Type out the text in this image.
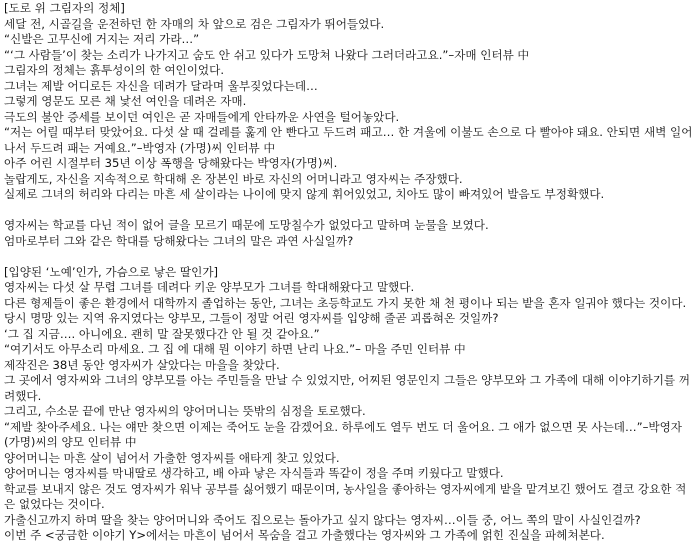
[도로 위 그림자의 정체]
세달 전, 시골길을 운전하던 한 자매의 차 앞으로 검은 그림자가 뛰어들었다.
“신발은 고무신에 거지는 저리 가라…”
“‘그 사람들’이 찾는 소리가 나가지고 숨도 안 쉬고 있다가 도망쳐 나왔다 그러더라고요.”–자매 인터뷰 中
그림자의 정체는 흙투성이의 한 여인이었다.
그녀는 제발 어디로든 자신을 데려가 달라며 울부짖었다는데…
그렇게 영문도 모른 채 낯선 여인을 데려온 자매.
극도의 불안 증세를 보이던 여인은 곧 자매들에게 안타까운 사연을 털어놓았다.
“저는 어릴 때부터 맞았어요. 다섯 살 때 걸레를 훑게 안 빤다고 두드려 패고… 한 겨울에 이불도 손으로 다 빨아야 돼요. 안되면 새벽 일어나서 두드려 패는 거예요.”–박영자 (가명)씨 인터뷰 中
아주 어린 시절부터 35년 이상 폭행을 당해왔다는 박영자(가명)씨.
놀랍게도, 자신을 지속적으로 학대해 온 장본인 바로 자신의 어머니라고 영자씨는 주장했다.
실제로 그녀의 허리와 다리는 마흔 세 살이라는 나이에 맞지 않게 휘어있었고, 치아도 많이 빠져있어 발음도 부정확했다.
영자씨는 학교를 다닌 적이 없어 글을 모르기 때문에 도망칠수가 없었다고 말하며 눈물을 보였다.
엄마로부터 그와 같은 학대를 당해왔다는 그녀의 말은 과연 사실일까?
[입양된 ‘노예’인가, 가슴으로 낳은 딸인가]
영자씨는 다섯 살 무렵 그녀를 데려다 키운 양부모가 그녀를 학대해왔다고 말했다.
다른 형제들이 좋은 환경에서 대학까지 졸업하는 동안, 그녀는 초등학교도 가지 못한 채 천 평이나 되는 밭을 혼자 일궈야 했다는 것이다.
당시 명망 있는 지역 유지였다는 양부모, 그들이 정말 어린 영자씨를 입양해 줄곧 괴롭혀온 것일까?
‘그 집 지금…. 아니에요. 괜히 말 잘못했다간 안 될 것 같아요.”
“여기서도 아무소리 마세요. 그 집 에 대해 뭔 이야기 하면 난리 나요.”– 마을 주민 인터뷰 中
제작진은 38년 동안 영자씨가 살았다는 마을을 찾았다.
그 곳에서 영자씨와 그녀의 양부모를 아는 주민들을 만날 수 있었지만, 어찌된 영문인지 그들은 양부모와 그 가족에 대해 이야기하기를 꺼려했다.
그리고, 수소문 끝에 만난 영자씨의 양어머니는 뜻밖의 심정을 토로했다.
“제발 찾아주세요. 나는 얘만 찾으면 이제는 죽어도 눈을 감겠어요. 하루에도 열두 번도 더 울어요. 그 애가 없으면 못 사는데…”–박영자(가명)씨의 양모 인터뷰 中
양어머니는 마흔 살이 넘어서 가출한 영자씨를 애타게 찾고 있었다.
양어머니는 영자씨를 막내딸로 생각하고, 배 아파 낳은 자식들과 똑같이 정을 주며 키웠다고 말했다.
학교를 보내지 않은 것도 영자씨가 워낙 공부를 싫어했기 때문이며, 농사일을 좋아하는 영자씨에게 밭을 맡겨보긴 했어도 결코 강요한 적은 없었다는 것이다.
가출신고까지 하며 딸을 찾는 양어머니와 죽어도 집으로는 돌아가고 싶지 않다는 영자씨…이들 중, 어느 쪽의 말이 사실인걸까?
이번 주 <궁금한 이야기 Y>에서는 마흔이 넘어서 목숨을 걸고 가출했다는 영자씨와 그 가족에 얽힌 진실을 파헤쳐본다.
